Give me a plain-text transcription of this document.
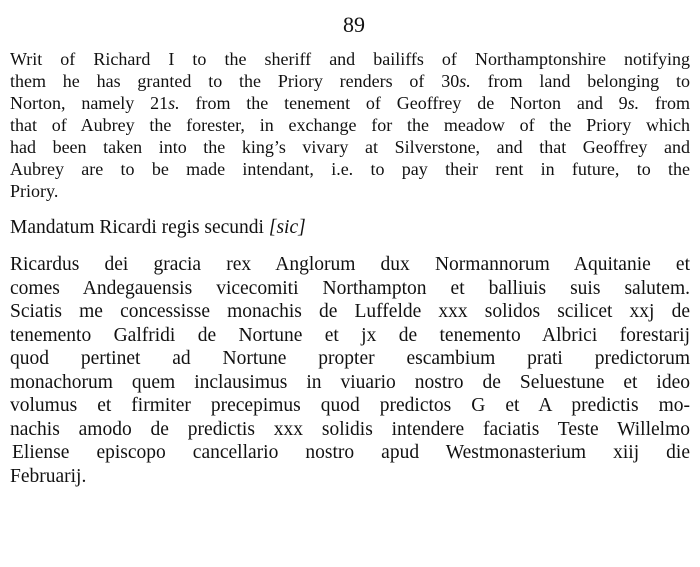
89
Writ of Richard I to the sheriff and bailiffs of Northamptonshire notifying
them he has granted to the Priory renders of 30s. from land belonging to
Norton, namely 21s. from the tenement of Geoffrey de Norton and 9s. from
that of Aubrey the forester, in exchange for the meadow of the Priory which
had been taken into the king’s vivary at Silverstone, and that Geoffrey and
Aubrey are to be made intendant, i.e. to pay their rent in future, to the
Priory.
Mandatum Ricardi regis secundi [sic]
Ricardus dei gracia rex Anglorum dux Normannorum Aquitanie et
comes Andegauensis vicecomiti Northampton et balliuis suis salutem.
Sciatis me concessisse monachis de Luffelde xxx solidos scilicet xxj de
tenemento Galfridi de Nortune et jx de tenemento Albrici forestarij
quod pertinet ad Nortune propter escambium prati predictorum
monachorum quem inclausimus in viuario nostro de Seluestune et ideo
volumus et firmiter precepimus quod predictos G et A predictis mo-
nachis amodo de predictis xxx solidis intendere faciatis Teste Willelmo
Eliense episcopo cancellario nostro apud Westmonasterium xiij die
Februarij.
